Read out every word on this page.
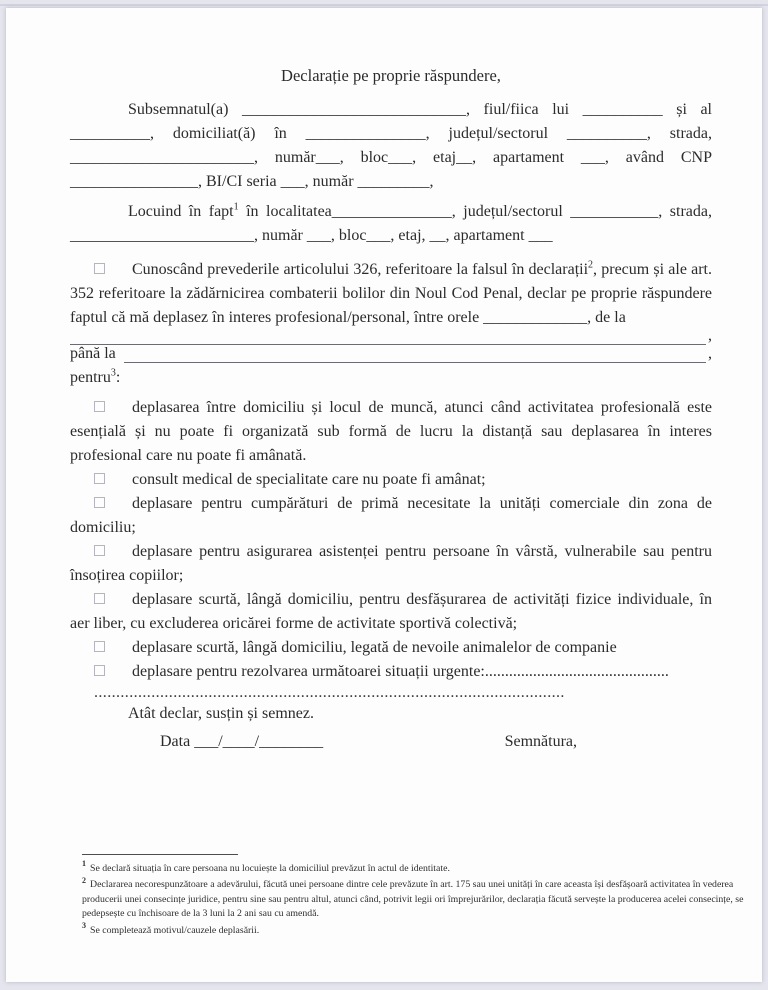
Declarație pe proprie răspundere,
Subsemnatul(a) ____________________________, fiul/fiica lui __________ și al __________, domiciliat(ă) în _______________, județul/sectorul __________, strada, _______________________, număr___, bloc___, etaj__, apartament ___, având CNP ________________, BI/CI seria ___, număr _________,
Locuind în fapt$^1$ în localitatea_______________, județul/sectorul ___________, strada, _______________________, număr ___, bloc___, etaj, __, apartament ___
Cunoscând prevederile articolului 326, referitoare la falsul în declarații$^2$, precum și ale art. 352 referitoare la zădărnicirea combaterii bolilor din Noul Cod Penal, declar pe proprie răspundere faptul că mă deplasez în interes profesional/personal, între orele _____________, de la
,
până la	,
pentru$^3$:
deplasarea între domiciliu și locul de muncă, atunci când activitatea profesională este esențială și nu poate fi organizată sub formă de lucru la distanță sau deplasarea în interes profesional care nu poate fi amânată.
consult medical de specialitate care nu poate fi amânat;
deplasare pentru cumpărături de primă necesitate la unități comerciale din zona de domiciliu;
deplasare pentru asigurarea asistenței pentru persoane în vârstă, vulnerabile sau pentru însoțirea copiilor;
deplasare scurtă, lângă domiciliu, pentru desfășurarea de activități fizice individuale, în aer liber, cu excluderea oricărei forme de activitate sportivă colectivă;
deplasare scurtă, lângă domiciliu, legată de nevoile animalelor de companie
deplasare pentru rezolvarea următoarei situații urgente:..............................................
...........................................................................................................
Atât declar, susțin și semnez.
Data ___/____/________	Semnătura,
$^1$ Se declară situația în care persoana nu locuiește la domiciliul prevăzut în actul de identitate.
$^2$ Declararea necorespunzătoare a adevărului, făcută unei persoane dintre cele prevăzute în art. 175 sau unei unități în care aceasta își desfășoară activitatea în vederea producerii unei consecințe juridice, pentru sine sau pentru altul, atunci când, potrivit legii ori împrejurărilor, declarația făcută servește la producerea acelei consecințe, se pedepsește cu închisoare de la 3 luni la 2 ani sau cu amendă.
$^3$ Se completează motivul/cauzele deplasării.
